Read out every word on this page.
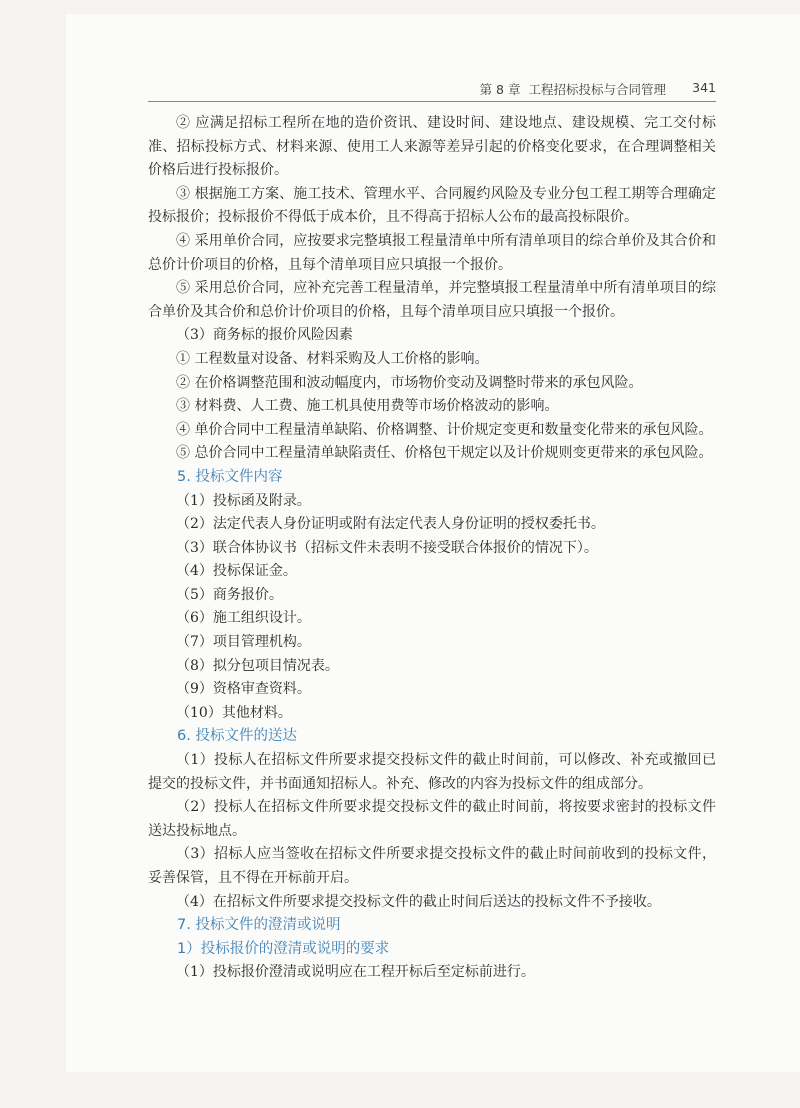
第 8 章 工程招标投标与合同管理 341

② 应满足招标工程所在地的造价资讯、建设时间、建设地点、建设规模、完工交付标准、招标投标方式、材料来源、使用工人来源等差异引起的价格变化要求，在合理调整相关价格后进行投标报价。

③ 根据施工方案、施工技术、管理水平、合同履约风险及专业分包工程工期等合理确定投标报价；投标报价不得低于成本价，且不得高于招标人公布的最高投标限价。

④ 采用单价合同，应按要求完整填报工程量清单中所有清单项目的综合单价及其合价和总价计价项目的价格，且每个清单项目应只填报一个报价。

⑤ 采用总价合同，应补充完善工程量清单，并完整填报工程量清单中所有清单项目的综合单价及其合价和总价计价项目的价格，且每个清单项目应只填报一个报价。

（3）商务标的报价风险因素

① 工程数量对设备、材料采购及人工价格的影响。

② 在价格调整范围和波动幅度内，市场物价变动及调整时带来的承包风险。

③ 材料费、人工费、施工机具使用费等市场价格波动的影响。

④ 单价合同中工程量清单缺陷、价格调整、计价规定变更和数量变化带来的承包风险。

⑤ 总价合同中工程量清单缺陷责任、价格包干规定以及计价规则变更带来的承包风险。

5. 投标文件内容

（1）投标函及附录。

（2）法定代表人身份证明或附有法定代表人身份证明的授权委托书。

（3）联合体协议书（招标文件未表明不接受联合体报价的情况下）。

（4）投标保证金。

（5）商务报价。

（6）施工组织设计。

（7）项目管理机构。

（8）拟分包项目情况表。

（9）资格审查资料。

（10）其他材料。

6. 投标文件的送达

（1）投标人在招标文件所要求提交投标文件的截止时间前，可以修改、补充或撤回已提交的投标文件，并书面通知招标人。补充、修改的内容为投标文件的组成部分。

（2）投标人在招标文件所要求提交投标文件的截止时间前，将按要求密封的投标文件送达投标地点。

（3）招标人应当签收在招标文件所要求提交投标文件的截止时间前收到的投标文件，妥善保管，且不得在开标前开启。

（4）在招标文件所要求提交投标文件的截止时间后送达的投标文件不予接收。

7. 投标文件的澄清或说明

1）投标报价的澄清或说明的要求

（1）投标报价澄清或说明应在工程开标后至定标前进行。
